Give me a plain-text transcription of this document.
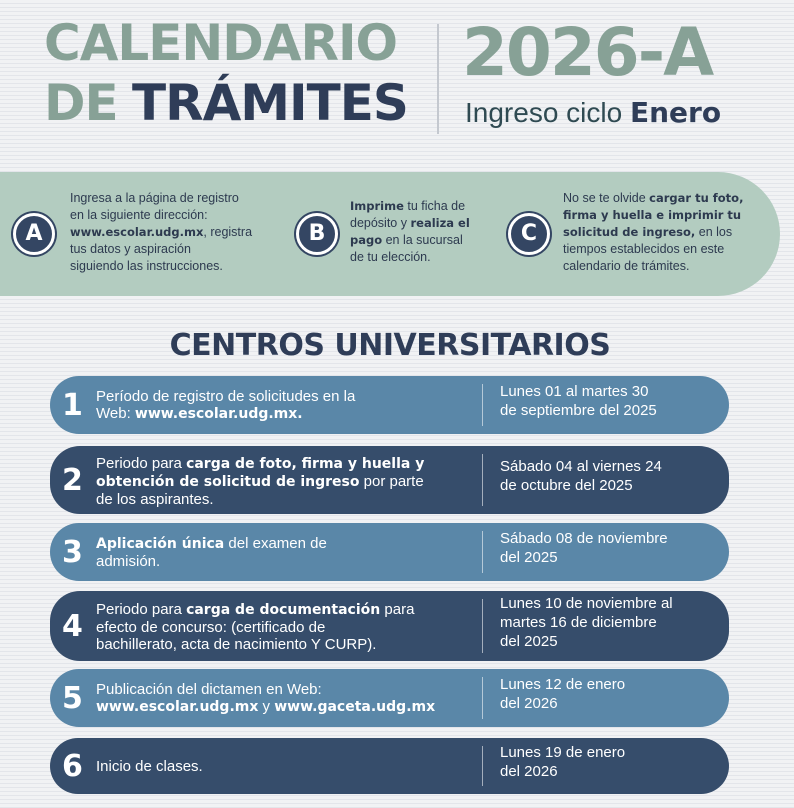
CALENDARIO
DE TRÁMITES
2026-A
Ingreso ciclo Enero
A
Ingresa a la página de registro
en la siguiente dirección:
www.escolar.udg.mx, registra
tus datos y aspiración
siguiendo las instrucciones.
B
Imprime tu ficha de
depósito y realiza el
pago en la sucursal
de tu elección.
C
No se te olvide cargar tu foto,
firma y huella e imprimir tu
solicitud de ingreso, en los
tiempos establecidos en este
calendario de trámites.
CENTROS UNIVERSITARIOS
1 Período de registro de solicitudes en la
Web: www.escolar.udg.mx.
Lunes 01 al martes 30
de septiembre del 2025
2 Periodo para carga de foto, firma y huella y
obtención de solicitud de ingreso por parte
de los aspirantes.
Sábado 04 al viernes 24
de octubre del 2025
3 Aplicación única del examen de
admisión.
Sábado 08 de noviembre
del 2025
4 Periodo para carga de documentación para
efecto de concurso: (certificado de
bachillerato, acta de nacimiento Y CURP).
Lunes 10 de noviembre al
martes 16 de diciembre
del 2025
5 Publicación del dictamen en Web:
www.escolar.udg.mx y www.gaceta.udg.mx
Lunes 12 de enero
del 2026
6 Inicio de clases.
Lunes 19 de enero
del 2026
